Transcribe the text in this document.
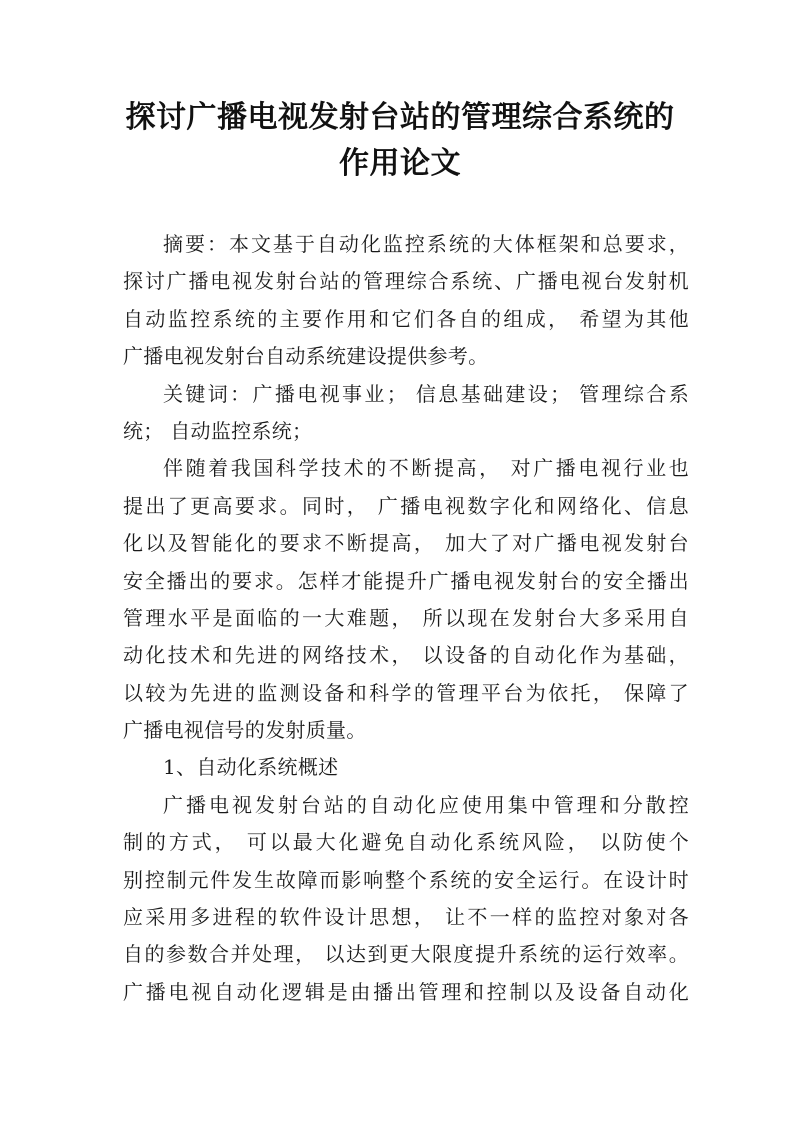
探讨广播电视发射台站的管理综合系统的
作用论文
摘要：本文基于自动化监控系统的大体框架和总要求，
探讨广播电视发射台站的管理综合系统、广播电视台发射机
自动监控系统的主要作用和它们各自的组成， 希望为其他
广播电视发射台自动系统建设提供参考。
关键词：广播电视事业； 信息基础建设； 管理综合系
统； 自动监控系统；
伴随着我国科学技术的不断提高， 对广播电视行业也
提出了更高要求。同时， 广播电视数字化和网络化、信息
化以及智能化的要求不断提高， 加大了对广播电视发射台
安全播出的要求。怎样才能提升广播电视发射台的安全播出
管理水平是面临的一大难题， 所以现在发射台大多采用自
动化技术和先进的网络技术， 以设备的自动化作为基础，
以较为先进的监测设备和科学的管理平台为依托， 保障了
广播电视信号的发射质量。
1、自动化系统概述
广播电视发射台站的自动化应使用集中管理和分散控
制的方式， 可以最大化避免自动化系统风险， 以防使个
别控制元件发生故障而影响整个系统的安全运行。在设计时
应采用多进程的软件设计思想， 让不一样的监控对象对各
自的参数合并处理， 以达到更大限度提升系统的运行效率。
广播电视自动化逻辑是由播出管理和控制以及设备自动化
